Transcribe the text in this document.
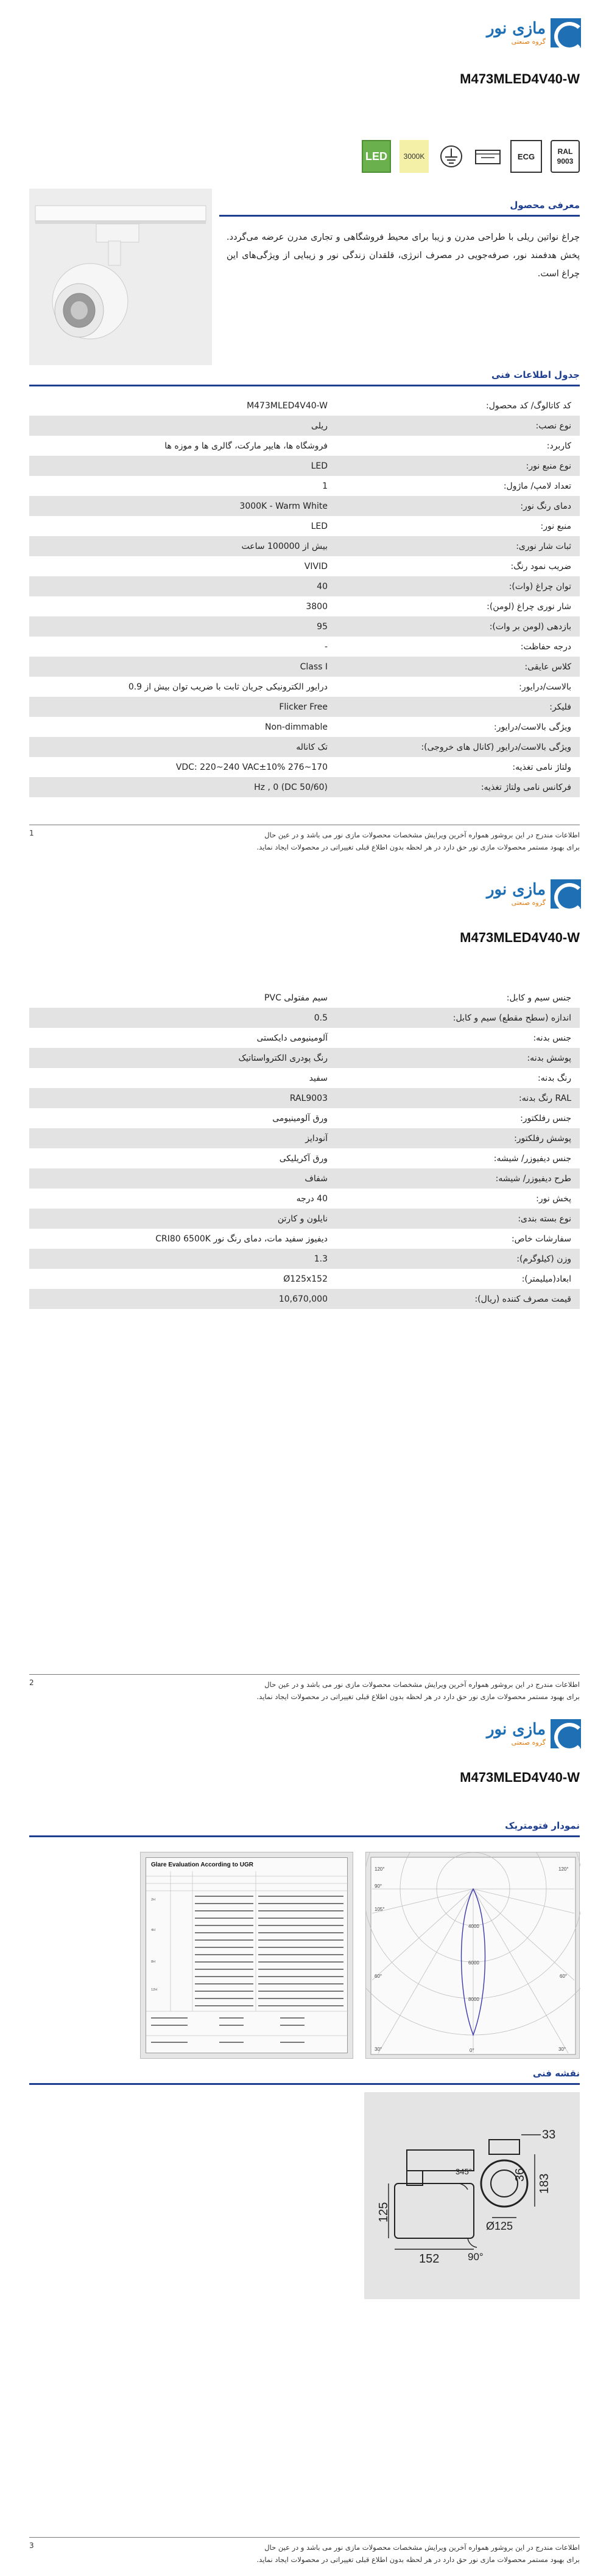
مازی نور
گروه صنعتی
M473MLED4V40-W
LED	3000K	ECG
RAL
9003
معرفی محصول
چراغ نواتین ریلی با طراحی مدرن و زیبا برای محیط فروشگاهی و تجاری مدرن عرضه می‌گردد. پخش هدفمند نور، صرفه‌جویی در مصرف انرژی، قلقدان زندگی نور و زیبایی از ویژگی‌های این چراغ است.
جدول اطلاعات فنی
کد کاتالوگ/ کد محصول:
M473MLED4V40-W
نوع نصب:
ریلی
کاربرد:
فروشگاه ها، هایپر مارکت، گالری ها و موزه ها
نوع منبع نور:
LED
تعداد لامپ/ ماژول:
1
دمای رنگ نور:
3000K - Warm White
منبع نور:
LED
ثبات شار نوری:
بیش از 100000 ساعت
ضریب نمود رنگ:
VIVID
توان چراغ (وات):
40
شار نوری چراغ (لومن):
3800
بازدهی (لومن بر وات):
95
درجه حفاظت:
-
کلاس عایقی:
Class I
بالاست/درایور:
درایور الکترونیکی جریان ثابت با ضریب توان بیش از 0.9
فلیکر:
Flicker Free
ویژگی بالاست/درایور:
Non-dimmable
ویژگی بالاست/درایور (کانال های خروجی):
تک کاناله
ولتاژ نامی تغذیه:
VDC: 220~240 VAC±10% 276~170
فرکانس نامی ولتاژ تغذیه:
(Hz , 0 (DC 50/60
اطلاعات مندرج در این بروشور همواره آخرین ویرایش مشخصات محصولات مازی نور می باشد و در عین حال
برای بهبود مستمر محصولات مازی نور حق دارد در هر لحظه بدون اطلاع قبلی تغییراتی در محصولات ایجاد نماید.
1
مازی نور
گروه صنعتی
M473MLED4V40-W
جنس سیم و کابل:
سیم مفتولی PVC
اندازه (سطح مقطع) سیم و کابل:
0.5
جنس بدنه:
آلومینیومی دایکستی
پوشش بدنه:
رنگ پودری الکترواستاتیک
رنگ بدنه:
سفید
RAL رنگ بدنه:
RAL9003
جنس رفلکتور:
ورق آلومینیومی
پوشش رفلکتور:
آنودایز
جنس دیفیوزر/ شیشه:
ورق آکریلیکی
طرح دیفیوزر/ شیشه:
شفاف
پخش نور:
40 درجه
نوع بسته بندی:
نایلون و کارتن
سفارشات خاص:
دیفیوز سفید مات، دمای رنگ نور CRI80 6500K
وزن (کیلوگرم):
1.3
ابعاد(میلیمتر):
Ø125x152
قیمت مصرف کننده (ریال):
10,670,000
اطلاعات مندرج در این بروشور همواره آخرین ویرایش مشخصات محصولات مازی نور می باشد و در عین حال
برای بهبود مستمر محصولات مازی نور حق دارد در هر لحظه بدون اطلاع قبلی تغییراتی در محصولات ایجاد نماید.
2
مازی نور
گروه صنعتی
M473MLED4V40-W
نمودار فتومتریک
Glare Evaluation According to UGR
2H
4H
8H
12H
120°	120°
105°
90°
60°	60°
30°	30°
0°
4000
6000
8000
نقشه فنی
33
36 183
345°
125
152	90°
Ø125
اطلاعات مندرج در این بروشور همواره آخرین ویرایش مشخصات محصولات مازی نور می باشد و در عین حال
برای بهبود مستمر محصولات مازی نور حق دارد در هر لحظه بدون اطلاع قبلی تغییراتی در محصولات ایجاد نماید.
3
